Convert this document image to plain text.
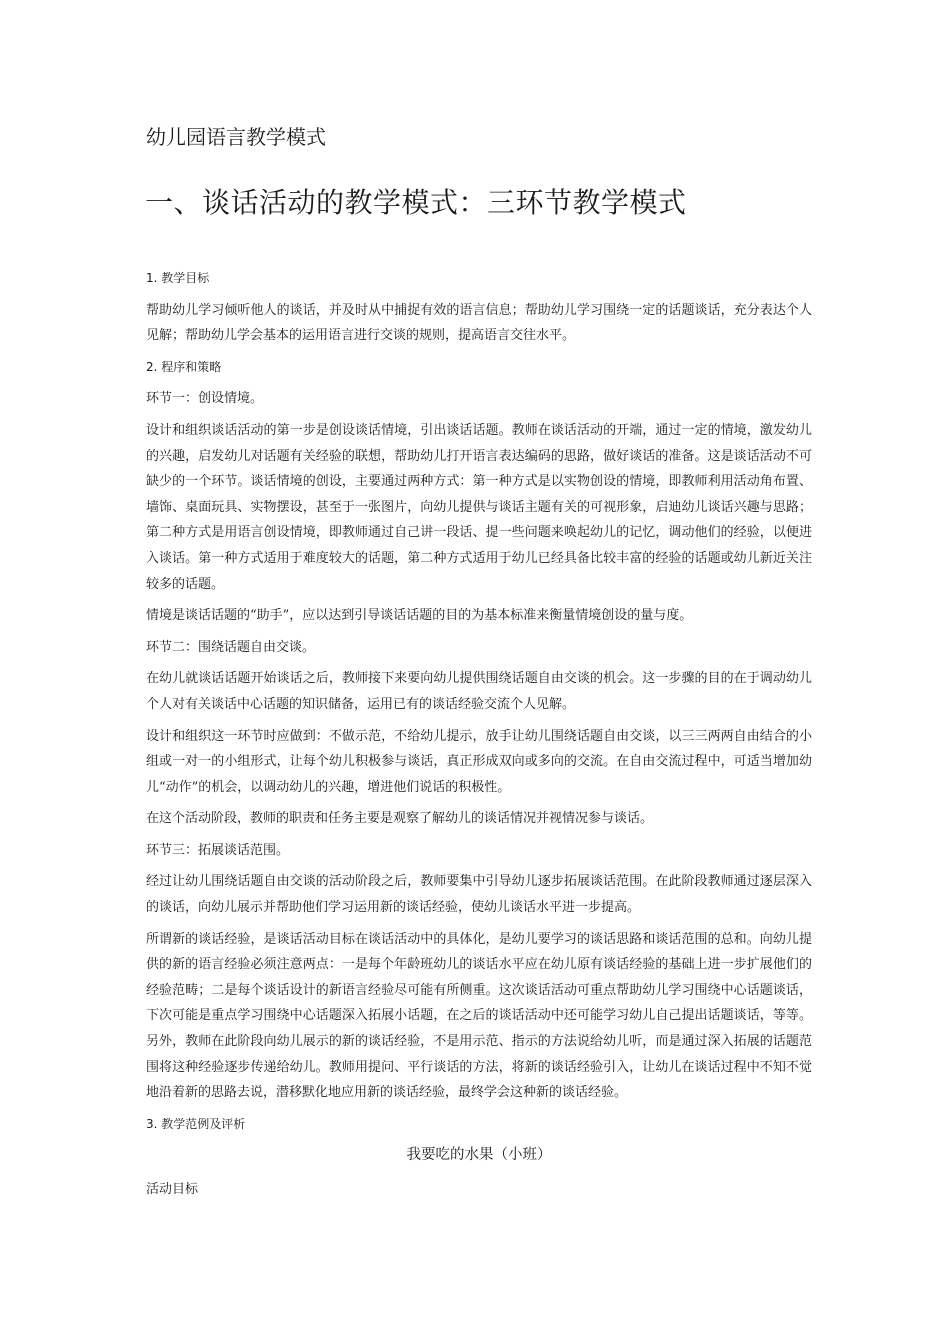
幼儿园语言教学模式
一、谈话活动的教学模式：三环节教学模式

1. 教学目标

帮助幼儿学习倾听他人的谈话，并及时从中捕捉有效的语言信息；帮助幼儿学习围绕一定的话题谈话，充分表达个人见解；帮助幼儿学会基本的运用语言进行交谈的规则，提高语言交往水平。

2. 程序和策略

环节一：创设情境。

设计和组织谈话活动的第一步是创设谈话情境，引出谈话话题。教师在谈话活动的开端，通过一定的情境，激发幼儿的兴趣，启发幼儿对话题有关经验的联想，帮助幼儿打开语言表达编码的思路，做好谈话的准备。这是谈话活动不可缺少的一个环节。谈话情境的创设，主要通过两种方式：第一种方式是以实物创设的情境，即教师利用活动角布置、墙饰、桌面玩具、实物摆设，甚至于一张图片，向幼儿提供与谈话主题有关的可视形象，启迪幼儿谈话兴趣与思路；第二种方式是用语言创设情境，即教师通过自己讲一段话、提一些问题来唤起幼儿的记忆，调动他们的经验，以便进入谈话。第一种方式适用于难度较大的话题，第二种方式适用于幼儿已经具备比较丰富的经验的话题或幼儿新近关注较多的话题。

情境是谈话话题的“助手”，应以达到引导谈话话题的目的为基本标准来衡量情境创设的量与度。

环节二：围绕话题自由交谈。

在幼儿就谈话话题开始谈话之后，教师接下来要向幼儿提供围绕话题自由交谈的机会。这一步骤的目的在于调动幼儿个人对有关谈话中心话题的知识储备，运用已有的谈话经验交流个人见解。

设计和组织这一环节时应做到：不做示范，不给幼儿提示，放手让幼儿围绕话题自由交谈，以三三两两自由结合的小组或一对一的小组形式，让每个幼儿积极参与谈话，真正形成双向或多向的交流。在自由交流过程中，可适当增加幼儿“动作”的机会，以调动幼儿的兴趣，增进他们说话的积极性。

在这个活动阶段，教师的职责和任务主要是观察了解幼儿的谈话情况并视情况参与谈话。

环节三：拓展谈话范围。

经过让幼儿围绕话题自由交谈的活动阶段之后，教师要集中引导幼儿逐步拓展谈话范围。在此阶段教师通过逐层深入的谈话，向幼儿展示并帮助他们学习运用新的谈话经验，使幼儿谈话水平进一步提高。

所谓新的谈话经验，是谈话活动目标在谈话活动中的具体化，是幼儿要学习的谈话思路和谈话范围的总和。向幼儿提供的新的语言经验必须注意两点：一是每个年龄班幼儿的谈话水平应在幼儿原有谈话经验的基础上进一步扩展他们的经验范畴；二是每个谈话设计的新语言经验尽可能有所侧重。这次谈话活动可重点帮助幼儿学习围绕中心话题谈话，下次可能是重点学习围绕中心话题深入拓展小话题，在之后的谈话活动中还可能学习幼儿自己提出话题谈话，等等。另外，教师在此阶段向幼儿展示的新的谈话经验，不是用示范、指示的方法说给幼儿听，而是通过深入拓展的话题范围将这种经验逐步传递给幼儿。教师用提问、平行谈话的方法，将新的谈话经验引入，让幼儿在谈话过程中不知不觉地沿着新的思路去说，潜移默化地应用新的谈话经验，最终学会这种新的谈话经验。

3. 教学范例及评析

我要吃的水果（小班）

活动目标
